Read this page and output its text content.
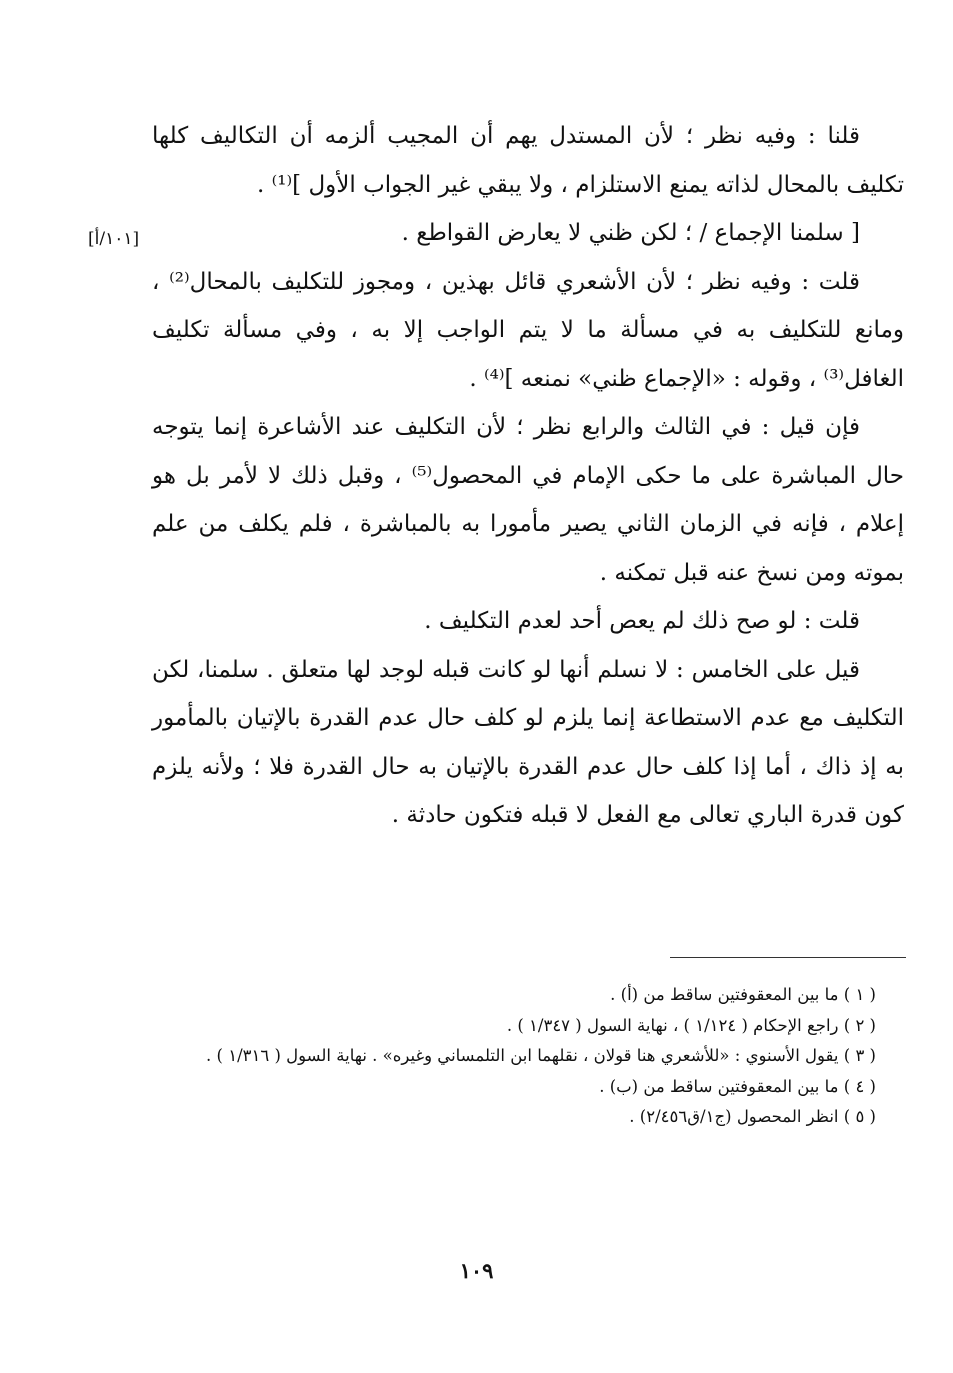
قلنا : وفيه نظر ؛ لأن المستدل يهم أن المجيب ألزمه أن التكاليف كلها تكليف بالمحال لذاته يمنع الاستلزام ، ولا يبقي غير الجواب الأول ]⁽¹⁾ .

[ سلمنا الإجماع / ؛ لكن ظني لا يعارض القواطع .

قلت : وفيه نظر ؛ لأن الأشعري قائل بهذين ، ومجوز للتكليف بالمحال⁽²⁾ ، ومانع للتكليف به في مسألة ما لا يتم الواجب إلا به ، وفي مسألة تكليف الغافل⁽³⁾ ، وقوله : «الإجماع ظني» نمنعه ]⁽⁴⁾ .

فإن قيل : في الثالث والرابع نظر ؛ لأن التكليف عند الأشاعرة إنما يتوجه حال المباشرة على ما حكى الإمام في المحصول⁽⁵⁾ ، وقبل ذلك لا لأمر بل هو إعلام ، فإنه في الزمان الثاني يصير مأمورا به بالمباشرة ، فلم يكلف من علم بموته ومن نسخ عنه قبل تمكنه .

قلت : لو صح ذلك لم يعص أحد لعدم التكليف .

قيل على الخامس : لا نسلم أنها لو كانت قبله لوجد لها متعلق . سلمنا، لكن التكليف مع عدم الاستطاعة إنما يلزم لو كلف حال عدم القدرة بالإتيان بالمأمور به إذ ذاك ، أما إذا كلف حال عدم القدرة بالإتيان به حال القدرة فلا ؛ ولأنه يلزم كون قدرة الباري تعالى مع الفعل لا قبله فتكون حادثة .

[١٠١/أ]

( ١ ) ما بين المعقوفتين ساقط من (أ) .

( ٢ ) راجع الإحكام ( ١/١٢٤ ) ، نهاية السول ( ١/٣٤٧ ) .

( ٣ ) يقول الأسنوي : «للأشعري هنا قولان ، نقلهما ابن التلمساني وغيره» . نهاية السول ( ١/٣١٦ ) .

( ٤ ) ما بين المعقوفتين ساقط من (ب) .

( ٥ ) انظر المحصول (ج١/ق٢/٤٥٦) .

١٠٩
